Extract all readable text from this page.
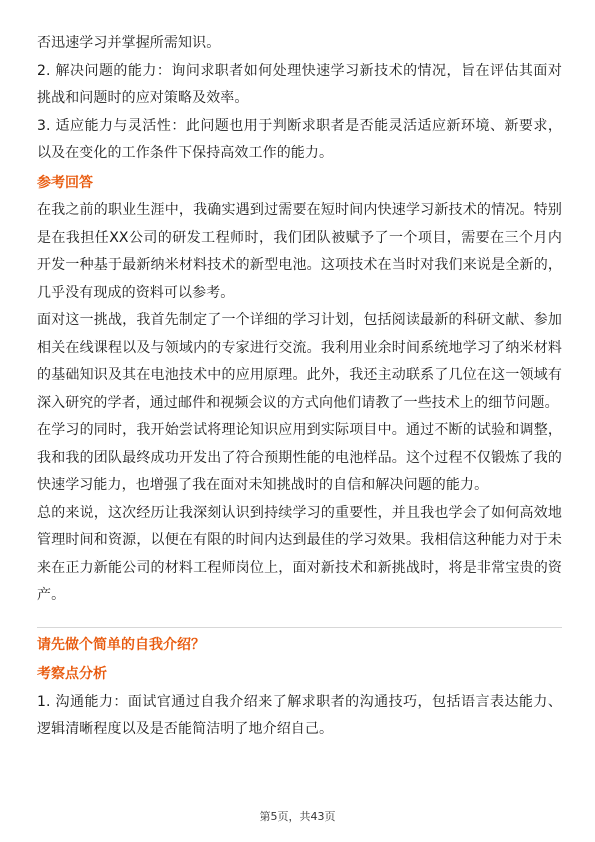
否迅速学习并掌握所需知识。

2. 解决问题的能力：询问求职者如何处理快速学习新技术的情况，旨在评估其面对挑战和问题时的应对策略及效率。

3. 适应能力与灵活性：此问题也用于判断求职者是否能灵活适应新环境、新要求，以及在变化的工作条件下保持高效工作的能力。

参考回答

在我之前的职业生涯中，我确实遇到过需要在短时间内快速学习新技术的情况。特别是在我担任XX公司的研发工程师时，我们团队被赋予了一个项目，需要在三个月内开发一种基于最新纳米材料技术的新型电池。这项技术在当时对我们来说是全新的，几乎没有现成的资料可以参考。

面对这一挑战，我首先制定了一个详细的学习计划，包括阅读最新的科研文献、参加相关在线课程以及与领域内的专家进行交流。我利用业余时间系统地学习了纳米材料的基础知识及其在电池技术中的应用原理。此外，我还主动联系了几位在这一领域有深入研究的学者，通过邮件和视频会议的方式向他们请教了一些技术上的细节问题。

在学习的同时，我开始尝试将理论知识应用到实际项目中。通过不断的试验和调整，我和我的团队最终成功开发出了符合预期性能的电池样品。这个过程不仅锻炼了我的快速学习能力，也增强了我在面对未知挑战时的自信和解决问题的能力。

总的来说，这次经历让我深刻认识到持续学习的重要性，并且我也学会了如何高效地管理时间和资源，以便在有限的时间内达到最佳的学习效果。我相信这种能力对于未来在正力新能公司的材料工程师岗位上，面对新技术和新挑战时，将是非常宝贵的资产。

请先做个简单的自我介绍？
考察点分析

1. 沟通能力：面试官通过自我介绍来了解求职者的沟通技巧，包括语言表达能力、逻辑清晰程度以及是否能简洁明了地介绍自己。

第5页，共43页
